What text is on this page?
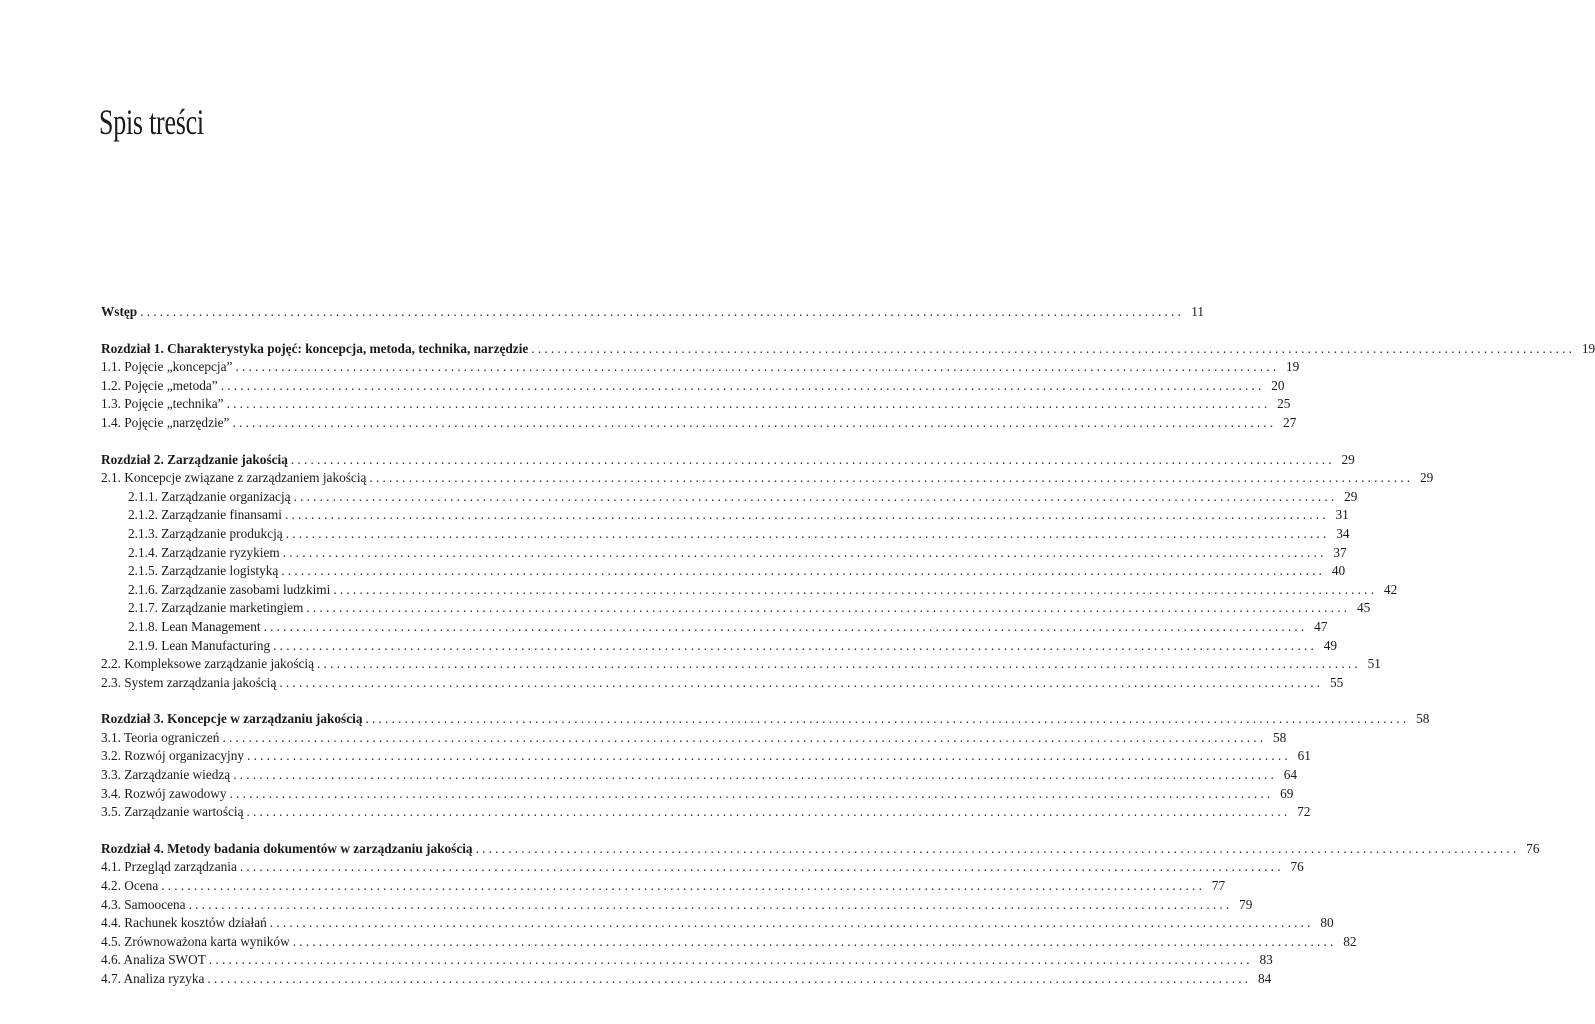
Spis treści
Wstęp ................................................................................................................................................................ 11
Rozdział 1. Charakterystyka pojęć: koncepcja, metoda, technika, narzędzie ................................................................................................................................................................ 19
1.1. Pojęcie „koncepcja” ................................................................................................................................................................ 19
1.2. Pojęcie „metoda” ................................................................................................................................................................ 20
1.3. Pojęcie „technika” ................................................................................................................................................................ 25
1.4. Pojęcie „narzędzie” ................................................................................................................................................................ 27
Rozdział 2. Zarządzanie jakością ................................................................................................................................................................ 29
2.1. Koncepcje związane z zarządzaniem jakością ................................................................................................................................................................ 29
2.1.1. Zarządzanie organizacją ................................................................................................................................................................ 29
2.1.2. Zarządzanie finansami ................................................................................................................................................................ 31
2.1.3. Zarządzanie produkcją ................................................................................................................................................................ 34
2.1.4. Zarządzanie ryzykiem ................................................................................................................................................................ 37
2.1.5. Zarządzanie logistyką ................................................................................................................................................................ 40
2.1.6. Zarządzanie zasobami ludzkimi ................................................................................................................................................................ 42
2.1.7. Zarządzanie marketingiem ................................................................................................................................................................ 45
2.1.8. Lean Management ................................................................................................................................................................ 47
2.1.9. Lean Manufacturing ................................................................................................................................................................ 49
2.2. Kompleksowe zarządzanie jakością ................................................................................................................................................................ 51
2.3. System zarządzania jakością ................................................................................................................................................................ 55
Rozdział 3. Koncepcje w zarządzaniu jakością ................................................................................................................................................................ 58
3.1. Teoria ograniczeń ................................................................................................................................................................ 58
3.2. Rozwój organizacyjny ................................................................................................................................................................ 61
3.3. Zarządzanie wiedzą ................................................................................................................................................................ 64
3.4. Rozwój zawodowy ................................................................................................................................................................ 69
3.5. Zarządzanie wartością ................................................................................................................................................................ 72
Rozdział 4. Metody badania dokumentów w zarządzaniu jakością ................................................................................................................................................................ 76
4.1. Przegląd zarządzania ................................................................................................................................................................ 76
4.2. Ocena ................................................................................................................................................................ 77
4.3. Samoocena ................................................................................................................................................................ 79
4.4. Rachunek kosztów działań ................................................................................................................................................................ 80
4.5. Zrównoważona karta wyników ................................................................................................................................................................ 82
4.6. Analiza SWOT ................................................................................................................................................................ 83
4.7. Analiza ryzyka ................................................................................................................................................................ 84
